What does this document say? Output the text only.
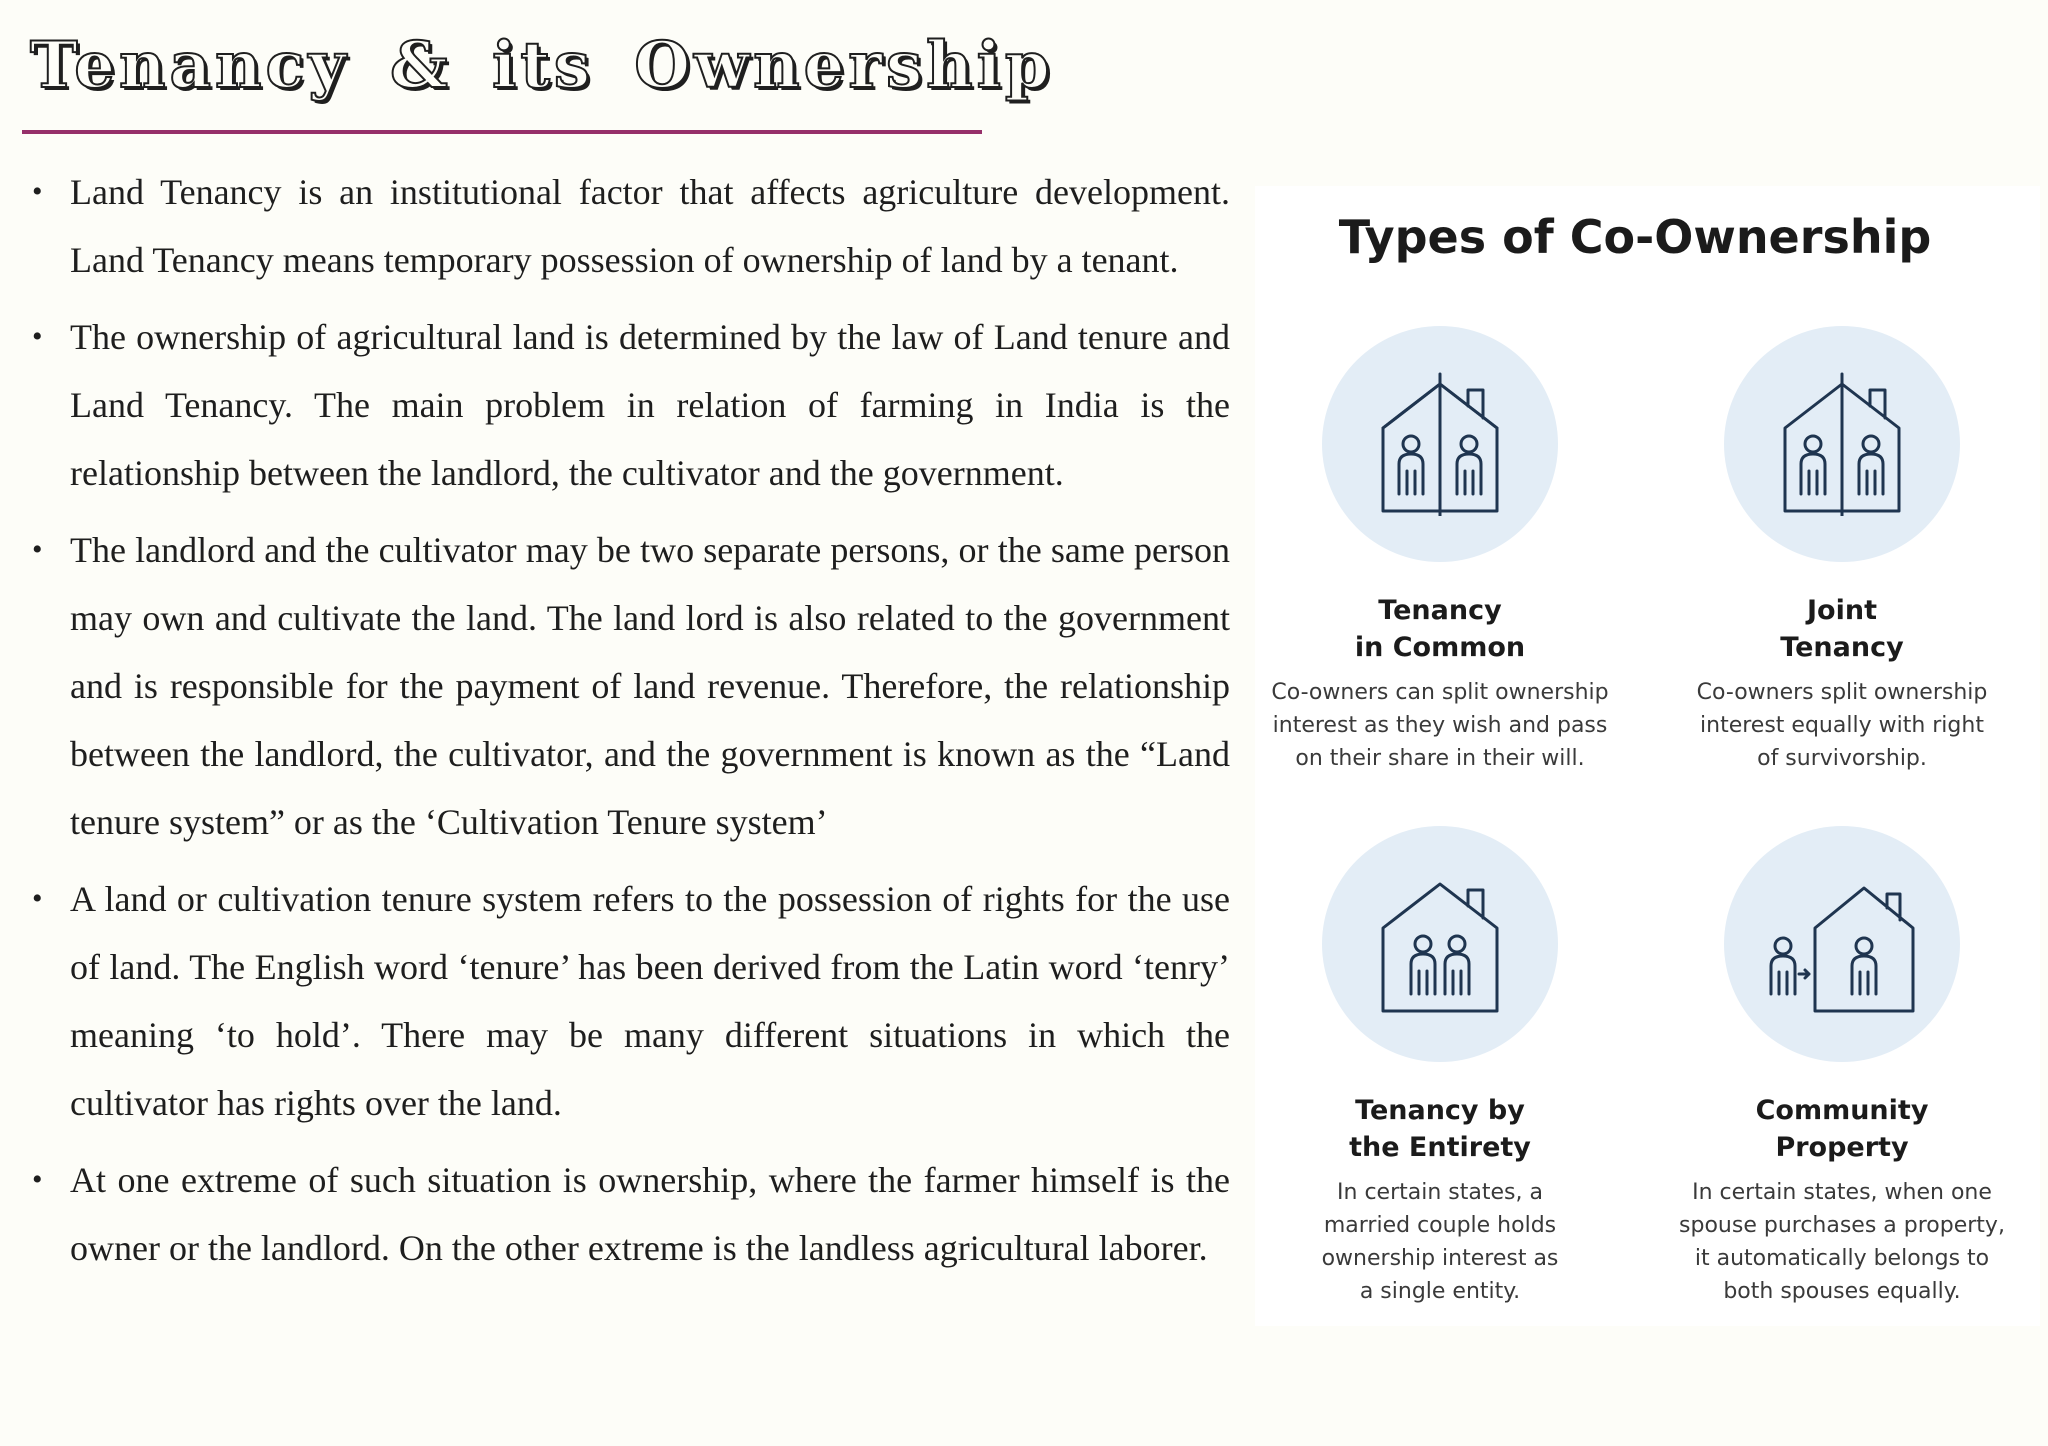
Tenancy & its Ownership
• Land Tenancy is an institutional factor that affects agriculture development. Land Tenancy means temporary possession of ownership of land by a tenant.
• The ownership of agricultural land is determined by the law of Land tenure and Land Tenancy. The main problem in relation of farming in India is the relationship between the landlord, the cultivator and the government.
• The landlord and the cultivator may be two separate persons, or the same person may own and cultivate the land. The land lord is also related to the government and is responsible for the payment of land revenue. Therefore, the relationship between the landlord, the cultivator, and the government is known as the “Land tenure system” or as the ‘Cultivation Tenure system’
• A land or cultivation tenure system refers to the possession of rights for the use of land. The English word ‘tenure’ has been derived from the Latin word ‘tenry’ meaning ‘to hold’. There may be many different situations in which the cultivator has rights over the land.
• At one extreme of such situation is ownership, where the farmer himself is the owner or the landlord. On the other extreme is the landless agricultural laborer.
Types of Co-Ownership
Tenancy
in Common
Co-owners can split ownership
interest as they wish and pass
on their share in their will.
Joint
Tenancy
Co-owners split ownership
interest equally with right
of survivorship.
Tenancy by
the Entirety
In certain states, a
married couple holds
ownership interest as
a single entity.
Community
Property
In certain states, when one
spouse purchases a property,
it automatically belongs to
both spouses equally.
